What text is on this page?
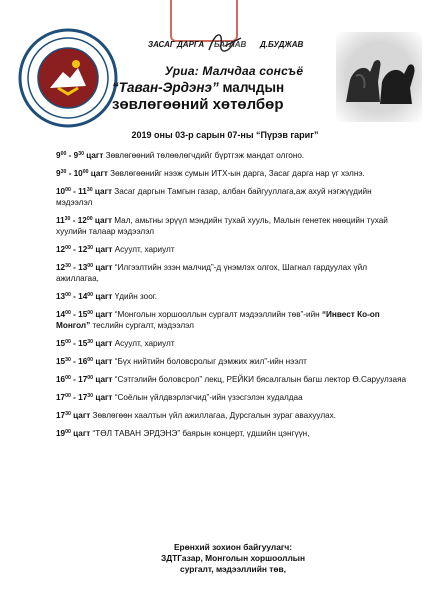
ЗАСАГ ДАРГА БАТЛАВ Д.БУДЖАВ
Уриа: Малчдаа сонсъё
“Таван-Эрдэнэ” малчдын
зөвлөгөөний хөтөлбөр
2019 оны 03-р сарын 07-ны “Пүрэв гариг”
$9^{00} - 9^{30}$ цагт Зөвлөгөөний төлөөлөгчдийг бүртгэж мандат олгоно.
$9^{30} - 10^{00}$ цагт Зөвлөгөөнийг нээж сумын ИТХ-ын дарга, Засаг дарга нар үг хэлнэ.
$10^{00} - 11^{30}$ цагт Засаг даргын Тамгын газар, албан байгууллага,аж ахуй нэгжүүдийн мэдээлэл
$11^{30} - 12^{00}$ цагт Мал, амьтны эрүүл мэндийн тухай хууль, Малын генетек нөөцийн тухай хуулийн талаар мэдээлэл
$12^{00} - 12^{30}$ цагт Асуулт, хариулт
$12^{30} - 13^{00}$ цагт “Илгээлтийн эзэн малчид”-д үнэмлэх олгох, Шагнал гардуулах үйл ажиллагаа,
$13^{00} - 14^{00}$ цагт Үдийн зоог.
$14^{00} - 15^{00}$ цагт “Монголын хоршооллын сургалт мэдээллийн төв”-ийн “Инвест Ко-оп Монгол” теслийн сургалт, мэдээлэл
$15^{00} - 15^{30}$ цагт Асуулт, хариулт
$15^{30} - 16^{00}$ цагт “Бүх нийтийн боловсролыг дэмжих жил”-ийн нээлт
$16^{00} - 17^{00}$ цагт “Сэтгэлийн боловсрол” лекц, РЕЙКИ бясалгалын багш лектор Ө.Саруулзаяа
$17^{00} - 17^{30}$ цагт “Соёлын үйлдвэрлэгчид”-ийн үзэсгэлэн худалдаа
$17^{30}$ цагт Зөвлөгөөн хаалтын үйл ажиллагаа, Дурсгалын зураг авахуулах.
$19^{00}$ цагт “ТӨЛ ТАВАН ЭРДЭНЭ” баярын концерт, үдшийн цэнгүүн,
Ерөнхий зохион байгуулагч:
ЗДТГазар, Монголын хоршооллын
сургалт, мэдээллийн төв,
